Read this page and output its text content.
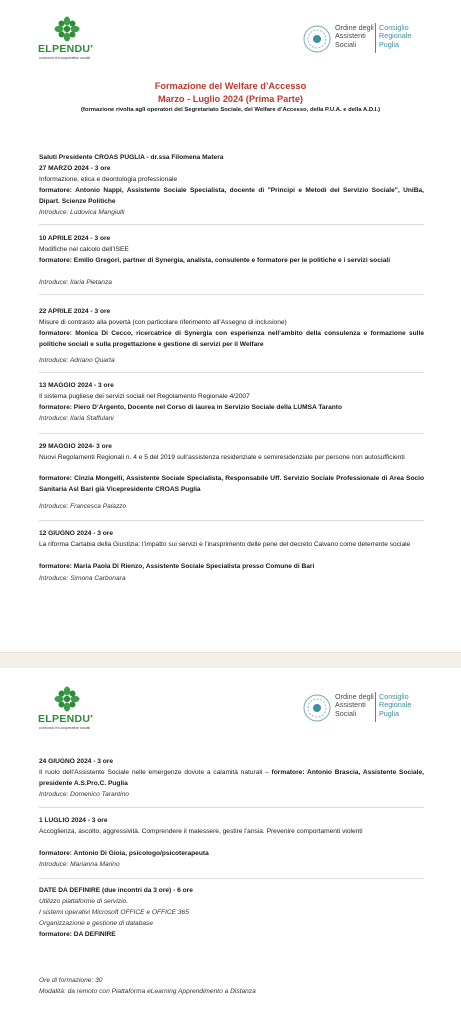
ELPENDU'
consorzio fra cooperative sociali
Ordine degli
Assistenti
Sociali
Consiglio
Regionale
Puglia
Formazione del Welfare d’Accesso
Marzo - Luglio 2024 (Prima Parte)
(formazione rivolta agli operatori del Segretariato Sociale, del Welfare d’Accesso, della P.U.A. e della A.D.I.)
Saluti Presidente CROAS PUGLIA - dr.ssa Filomena Matera
27 MARZO 2024 - 3 ore
Informazione, etica e deontologia professionale
formatore: Antonio Nappi, Assistente Sociale Specialista, docente di "Principi e Metodi del Servizio Sociale", UniBa, Dipart. Scienze Politiche
Introduce: Ludovica Mangiulli
10 APRILE 2024 - 3 ore
Modifiche nel calcolo dell’ISEE
formatore: Emilio Gregori, partner di Synergia, analista, consulente e formatore per le politiche e i servizi sociali
Introduce: Ilaria Pietanza
22 APRILE 2024 - 3 ore
Misure di contrasto alla povertà (con particolare riferimento all’Assegno di inclusione)
formatore: Monica Di Cecco, ricercatrice di Synergia con esperienza nell’ambito della consulenza e formazione sulle politiche sociali e sulla progettazione e gestione di servizi per il Welfare
Introduce: Adriano Quarta
13 MAGGIO 2024 - 3 ore
Il sistema pugliese dei servizi sociali nel Regolamento Regionale 4/2007
formatore: Piero D’Argento, Docente nel Corso di laurea in Servizio Sociale della LUMSA Taranto
Introduce: Ilaria Staffulani
29 MAGGIO 2024- 3 ore
Nuovi Regolamenti Regionali n. 4 e 5 del 2019 sull’assistenza residenziale e semiresidenziale per persone non autosufficienti
formatore: Cinzia Mongelli, Assistente Sociale Specialista, Responsabile Uff. Servizio Sociale Professionale di Area Socio Sanitaria Asl Bari già Vicepresidente CROAS Puglia
Introduce: Francesca Palazzo
12 GIUGNO 2024 - 3 ore
La riforma Cartabia della Giustizia: l’impatto sui servizi e l’inasprimento delle pene del decreto Caivano come deterrente sociale
formatore: Maria Paola Di Rienzo, Assistente Sociale Specialista presso Comune di Bari
Introduce: Simona Carbonara
ELPENDU'
consorzio fra cooperative sociali
Ordine degli
Assistenti
Sociali
Consiglio
Regionale
Puglia
24 GIUGNO 2024 - 3 ore
Il ruolo dell’Assistente Sociale nelle emergenze dovute a calamità naturali – formatore: Antonio Brascia, Assistente Sociale, presidente A.S.Pro.C. Puglia
Introduce: Domenico Tarantino
1 LUGLIO 2024 - 3 ore
Accoglienza, ascolto, aggressività. Comprendere il malessere, gestire l’ansia. Prevenire comportamenti violenti
formatore: Antonio Di Gioia, psicologo/psicoterapeuta
Introduce: Marianna Marino
DATE DA DEFINIRE (due incontri da 3 ore) - 6 ore
Utilizzo piattaforme di servizio.
I sistemi operativi Microsoft OFFICE e OFFICE 365
Organizzazione e gestione di database
formatore: DA DEFINIRE
Ore di formazione: 30
Modalità: da remoto con Piattaforma eLearning Apprendimento a Distanza
